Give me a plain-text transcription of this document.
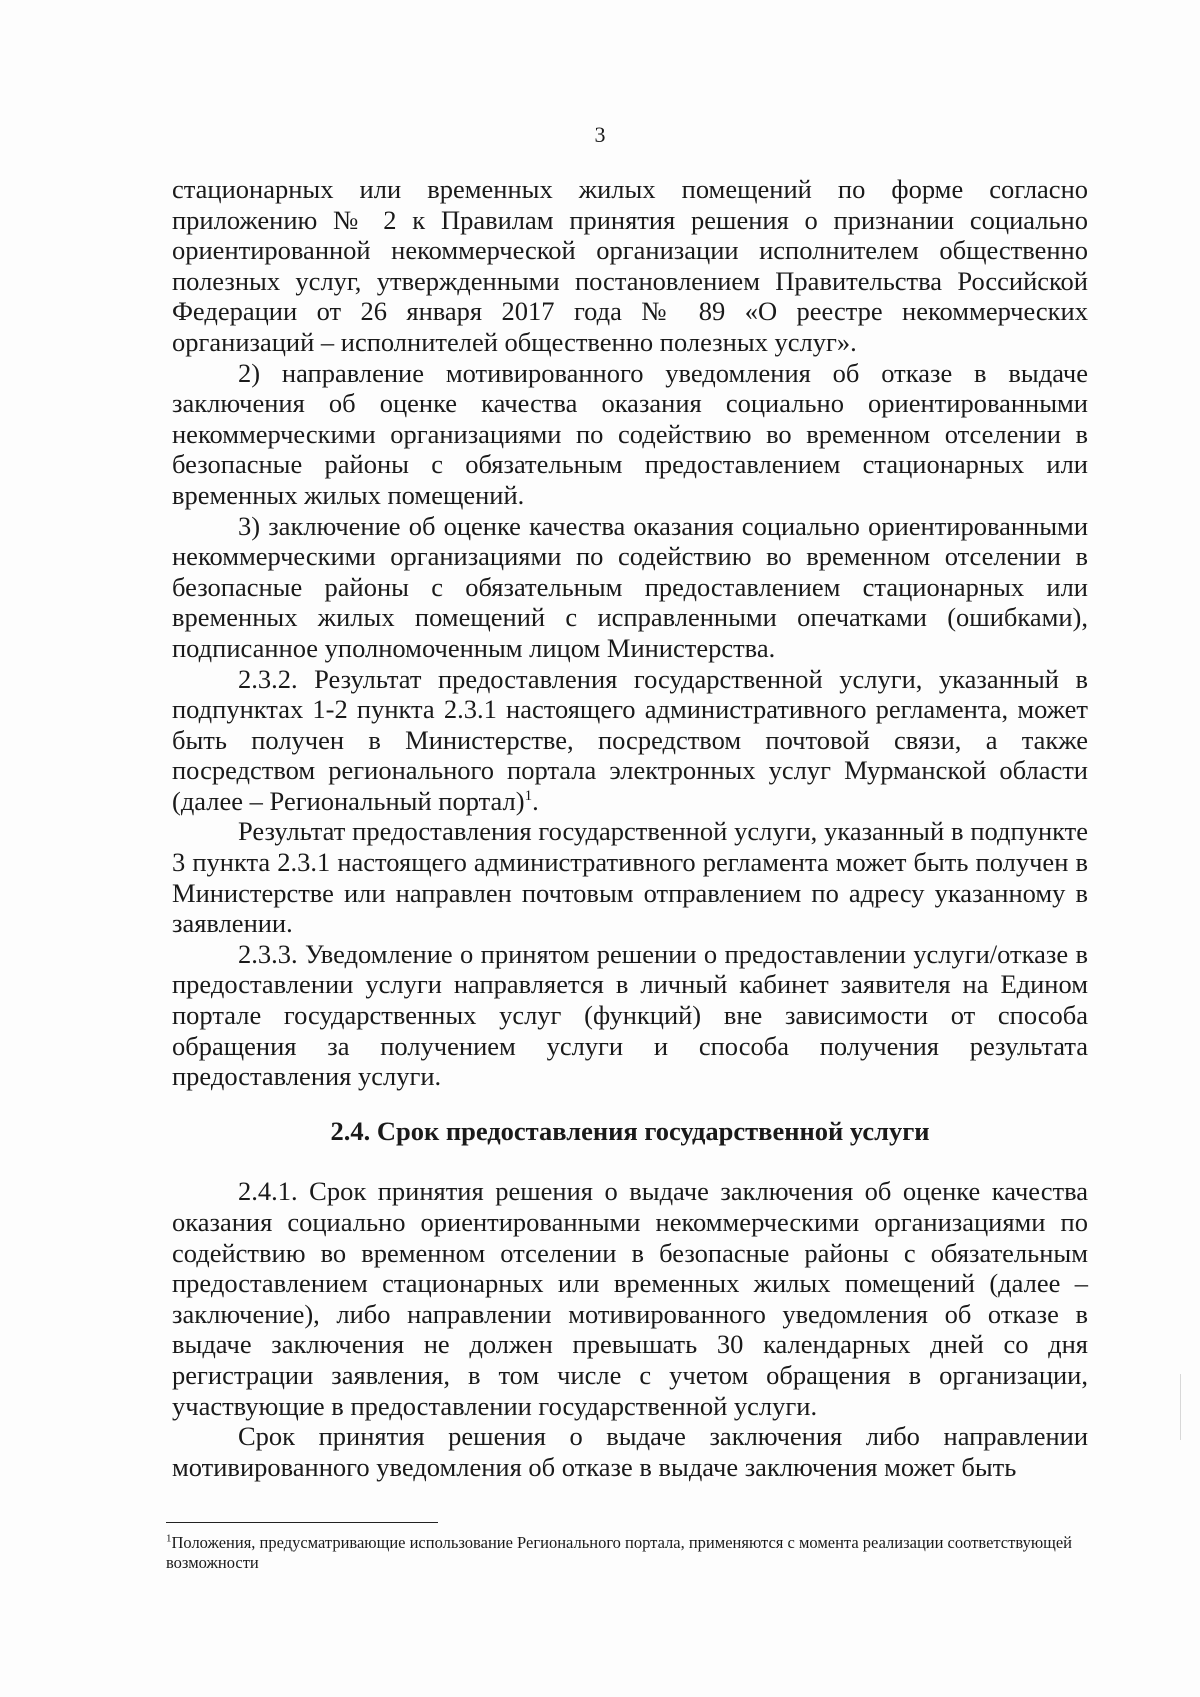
3

стационарных или временных жилых помещений по форме согласно приложению № 2 к Правилам принятия решения о признании социально ориентированной некоммерческой организации исполнителем общественно полезных услуг, утвержденными постановлением Правительства Российской Федерации от 26 января 2017 года № 89 «О реестре некоммерческих организаций – исполнителей общественно полезных услуг».

2) направление мотивированного уведомления об отказе в выдаче заключения об оценке качества оказания социально ориентированными некоммерческими организациями по содействию во временном отселении в безопасные районы с обязательным предоставлением стационарных или временных жилых помещений.

3) заключение об оценке качества оказания социально ориентированными некоммерческими организациями по содействию во временном отселении в безопасные районы с обязательным предоставлением стационарных или временных жилых помещений с исправленными опечатками (ошибками), подписанное уполномоченным лицом Министерства.

2.3.2. Результат предоставления государственной услуги, указанный в подпунктах 1-2 пункта 2.3.1 настоящего административного регламента, может быть получен в Министерстве, посредством почтовой связи, а также посредством регионального портала электронных услуг Мурманской области (далее – Региональный портал)$^1$.

Результат предоставления государственной услуги, указанный в подпункте 3 пункта 2.3.1 настоящего административного регламента может быть получен в Министерстве или направлен почтовым отправлением по адресу указанному в заявлении.

2.3.3. Уведомление о принятом решении о предоставлении услуги/отказе в предоставлении услуги направляется в личный кабинет заявителя на Едином портале государственных услуг (функций) вне зависимости от способа обращения за получением услуги и способа получения результата предоставления услуги.

2.4. Срок предоставления государственной услуги

2.4.1. Срок принятия решения о выдаче заключения об оценке качества оказания социально ориентированными некоммерческими организациями по содействию во временном отселении в безопасные районы с обязательным предоставлением стационарных или временных жилых помещений (далее – заключение), либо направлении мотивированного уведомления об отказе в выдаче заключения не должен превышать 30 календарных дней со дня регистрации заявления, в том числе с учетом обращения в организации, участвующие в предоставлении государственной услуги.

Срок принятия решения о выдаче заключения либо направлении мотивированного уведомления об отказе в выдаче заключения может быть

$^1$Положения, предусматривающие использование Регионального портала, применяются с момента реализации соответствующей возможности
